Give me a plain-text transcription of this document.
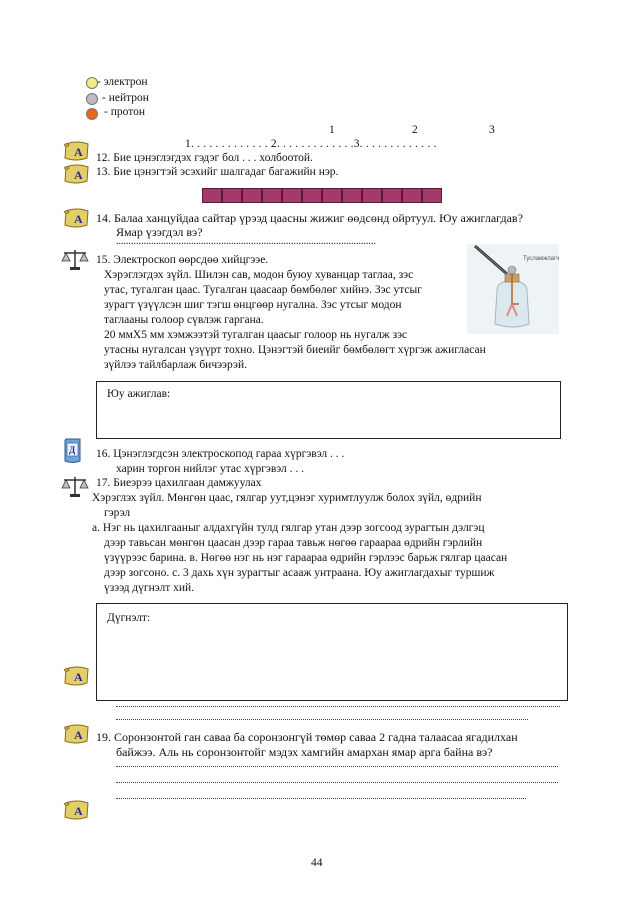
- электрон
- нейтрон
- протон
1	2	3
1. . . . . . . . . . . . . 2. . . . . . . . . . . . .3. . . . . . . . . . . . .
A
A
12. Бие цэнэглэгдэх гэдэг бол . . . холбоотой.
13. Бие цэнэгтэй эсэхийг шалгадаг багажийн нэр.
A 14. Балаа ханцуйдаа сайтар үрээд цаасны жижиг өөдсөнд ойртуул. Юу ажиглагдав?
Ямар үзэгдэл вэ?
........................................................................................................
15. Электроскоп өөрсдөө хийцгээе.
Хэрэглэгдэх зүйл. Шилэн сав, модон буюу хуванцар таглаа, зэс
утас, тугалган цаас. Тугалган цаасаар бөмбөлөг хийнэ. Зэс утсыг
зурагт үзүүлсэн шиг тэгш өнцгөөр нугална. Зэс утсыг модон
таглааны голоор сүвлэж гаргана.
20 ммX5 мм хэмжээтэй тугалган цаасыг голоор нь нугалж зэс
утасны нугалсан үзүүрт тохно. Цэнэгтэй биеийг бөмбөлөгт хүргэж ажигласан
зүйлээ тайлбарлаж бичээрэй.
Тусламжлагч
Юу ажиглав:
Д 16. Цэнэглэгдсэн электроскопод гараа хүргэвэл . . .
харин торгон нийлэг утас хүргэвэл . . .
17. Биеэрээ цахилгаан дамжуулах
Хэрэглэх зүйл. Мөнгөн цаас, гялгар уут,цэнэг хуримтлуулж болох зүйл, өдрийн
гэрэл
a. Нэг нь цахилгааныг алдахгүйн тулд гялгар утан дээр зогсоод зурагтын дэлгэц
дээр тавьсан мөнгөн цаасан дээр гараа тавьж нөгөө гараараа өдрийн гэрлийн
үзүүрээс барина. в. Нөгөө нэг нь нэг гараараа өдрийн гэрлээс барьж гялгар цаасан
дээр зогсоно. с. 3 дахь хүн зурагтыг асааж унтраана. Юу ажиглагдахыг туршиж
үзээд дүгнэлт хий.
Дүгнэлт:
A
A 19. Соронзонтой ган саваа ба соронзонгүй төмөр саваа 2 гадна талаасаа ягадилхан
байжээ. Аль нь соронзонтойг мэдэх хамгийн амархан ямар арга байна вэ?
A
44
